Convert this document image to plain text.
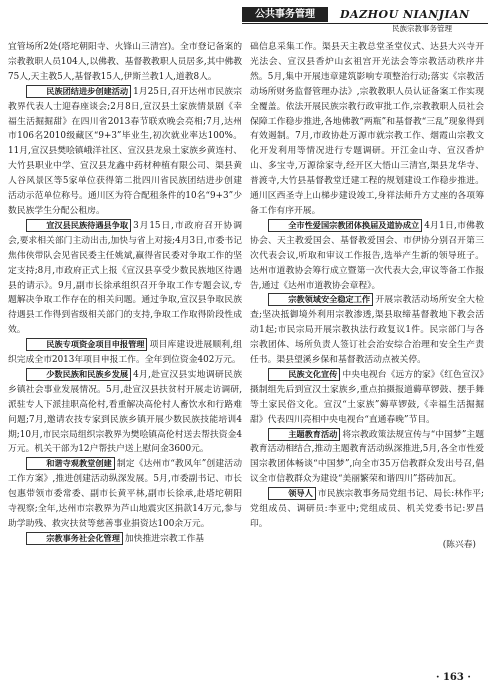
公共事务管理	DAZHOU NIANJIAN
民族宗教事务管理

宜管场所2处(塔坨朝阳寺、火锋山三清宫)。全市登记备案的宗教教职人员104人,以佛教、基督教教职人员居多,其中佛教75人,天主教5人,基督教15人,伊斯兰教1人,道教8人。

民族团结进步创建活动 1月25日,召开达州市民族宗教界代表人士迎春座谈会;2月8日,宣汉县土家族情景剧《幸福生活掘掘甜》在四川省2013春节联欢晚会亮相;7月,达州市106名2010级藏区“9+3”毕业生,初次就业率达100%。11月,宣汉县樊哙镇峨洋社区、宣汉县龙泉土家族乡黄连村、大竹县职业中学、宣汉县龙鑫中药材种植有限公司、渠县黄人谷风景区等5家单位获得第二批四川省民族团结进步创建活动示范单位称号。通川区为符合配租条件的10名“9+3”少数民族学生分配公租房。

宣汉县民族待遇县争取 3月15日,市政府召开协调会,要求相关部门主动出击,加快与省上对接;4月3日,市委书记焦伟侠带队会见省民委主任姚斌,赢得省民委对争取工作的坚定支持;8月,市政府正式上报《宣汉县享受少数民族地区待遇县的请示》。9月,副市长徐承组织召开争取工作专题会议,专题解决争取工作存在的相关问题。通过争取,宣汉县争取民族待遇县工作得到省级相关部门的支持,争取工作取得阶段性成效。

民族专项资金项目申报管理 项目库建设进展顺利,组织完成全市2013年项目申报工作。全年到位资金402万元。

少数民族和民族乡发展 4月,赴宣汉县实地调研民族乡镇社会事业发展情况。5月,赴宣汉县扶贫村开展走访调研,派驻专人下派挂职高伦村,看重解决高伦村人畜饮水和行路难问题;7月,邀请农技专家到民族乡镇开展少数民族技能培训4期;10月,市民宗局组织宗教界为樊哙镇高伦村送去帮扶资金4万元。机关干部为12户帮扶户送上慰问金3600元。

和谐寺观教堂创建 制定《达州市“教风年”创建活动工作方案》,推进创建活动纵深发展。5月,市委副书记、市长包惠带领市委常委、副市长黄平林,副市长徐承,赴塔坨朝阳寺视察;全年,达州市宗教界为芦山地震灾区捐款14万元,参与助学助残、救灾扶贫等慈善事业捐资达100余万元。

宗教事务社会化管理 加快推进宗教工作基

础信息采集工作。渠县天主教总堂圣堂仪式、达县大兴寺开光法会、宣汉县香炉山玄祖宫开光法会等宗教活动秩序井然。5月,集中开展违章建筑影响专项整治行动;落实《宗教活动场所财务监督管理办法》,宗教教职人员认证备案工作实现全覆盖。依法开展民族宗教行政审批工作,宗教教职人员社会保障工作稳步推进,各地佛教“两瓶”和基督教“三乱”现象得到有效遏制。7月,市政协赴万源市就宗教工作、烟霞山宗教文化开发利用等情况进行专题调研。开江金山寺、宣汉香炉山、多宝寺,万源徐家寺,经开区大悟山三清宫,渠县龙华寺、普渡寺,大竹县基督教堂迁建工程的规划建设工作稳步推进。通川区西圣寺上山梯步建设竣工,身祥法师升方丈座的各项筹备工作有序开展。

全市性爱国宗教团体换届及道协成立 4月1日,市佛教协会、天主教爱国会、基督教爱国会、市伊协分别召开第三次代表会议,听取和审议工作报告,选举产生新的领导班子。达州市道教协会筹行成立暨第一次代表大会,审议等备工作报告,通过《达州市道教协会章程》。

宗教领域安全稳定工作 开展宗教活动场所安全大检查;坚决抵御境外利用宗教渗透,渠县取缔基督教地下教会活动1起;市民宗局开展宗教执法行政复议1件。民宗部门与各宗教团体、场所负责人签订社会治安综合治理和安全生产责任书。渠县望溪乡保和基督教活动点被关停。

民族文化宣传 中央电视台《远方的家》《红色宣汉》摄制组先后到宣汉土家族乡,重点拍摄报道薅草锣鼓、摆手舞等土家民俗文化。宣汉“土家族”薅草锣鼓,《幸福生活掘掘甜》代表四川亮相中央电视台“直通春晚”节目。

主题教育活动 将宗教政策法规宣传与“中国梦”主题教育活动相结合,推动主题教育活动纵深推进,5月,各全市性爱国宗教团体畅谈“中国梦”,向全市35万信教群众发出号召,倡议全市信教群众为建设“美丽繁荣和谐四川”搭砖加瓦。

领导人 市民族宗教事务局党组书记、局长:林作平;党组成员、调研员:李亚中;党组成员、机关党委书记:罗昌印。

(陈兴春)
· 163 ·
